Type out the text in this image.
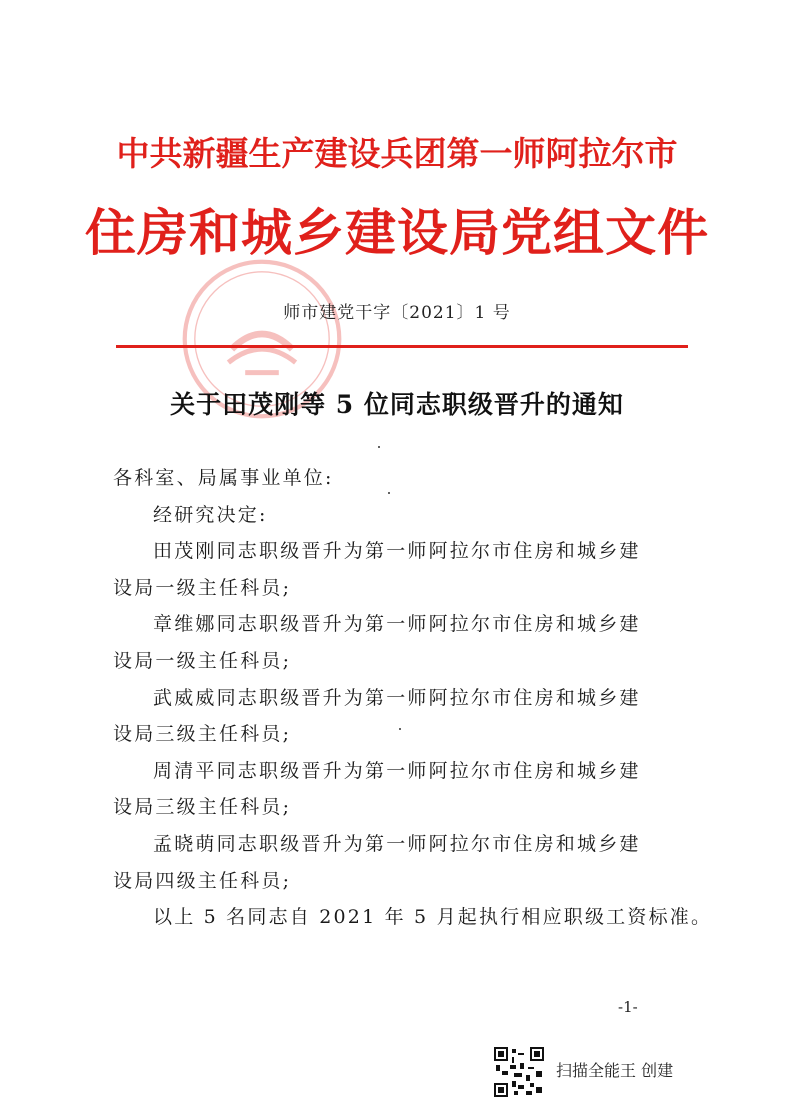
中共新疆生产建设兵团第一师阿拉尔市
住房和城乡建设局党组文件
师市建党干字〔2021〕1 号
关于田茂刚等 5 位同志职级晋升的通知

各科室、局属事业单位:

经研究决定:

田茂刚同志职级晋升为第一师阿拉尔市住房和城乡建
设局一级主任科员;

章维娜同志职级晋升为第一师阿拉尔市住房和城乡建
设局一级主任科员;

武威威同志职级晋升为第一师阿拉尔市住房和城乡建
设局三级主任科员;

周清平同志职级晋升为第一师阿拉尔市住房和城乡建
设局三级主任科员;

孟晓萌同志职级晋升为第一师阿拉尔市住房和城乡建
设局四级主任科员;

以上 5 名同志自 2021 年 5 月起执行相应职级工资标准。

-1-
扫描全能王 创建
